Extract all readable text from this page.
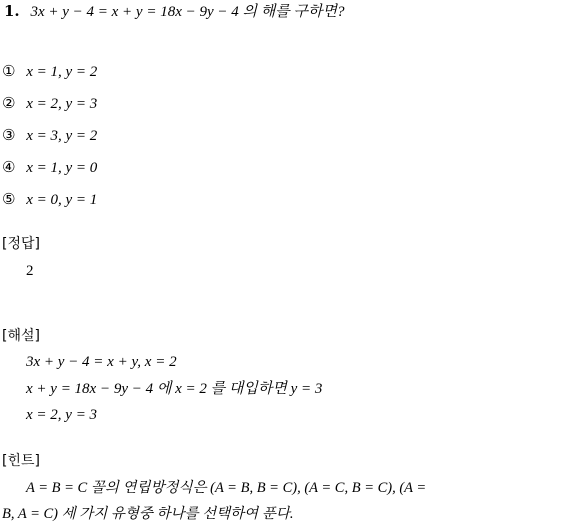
1. 3x + y − 4 = x + y = 18x − 9y − 4 의 해를 구하면?
① x = 1, y = 2
② x = 2, y = 3
③ x = 3, y = 2
④ x = 1, y = 0
⑤ x = 0, y = 1
[정답]
2
[해설]
3x + y − 4 = x + y, x = 2
x + y = 18x − 9y − 4 에 x = 2 를 대입하면 y = 3
x = 2, y = 3
[힌트]
A = B = C 꼴의 연립방정식은 (A = B, B = C), (A = C, B = C), (A =
B, A = C) 세 가지 유형중 하나를 선택하여 푼다.
